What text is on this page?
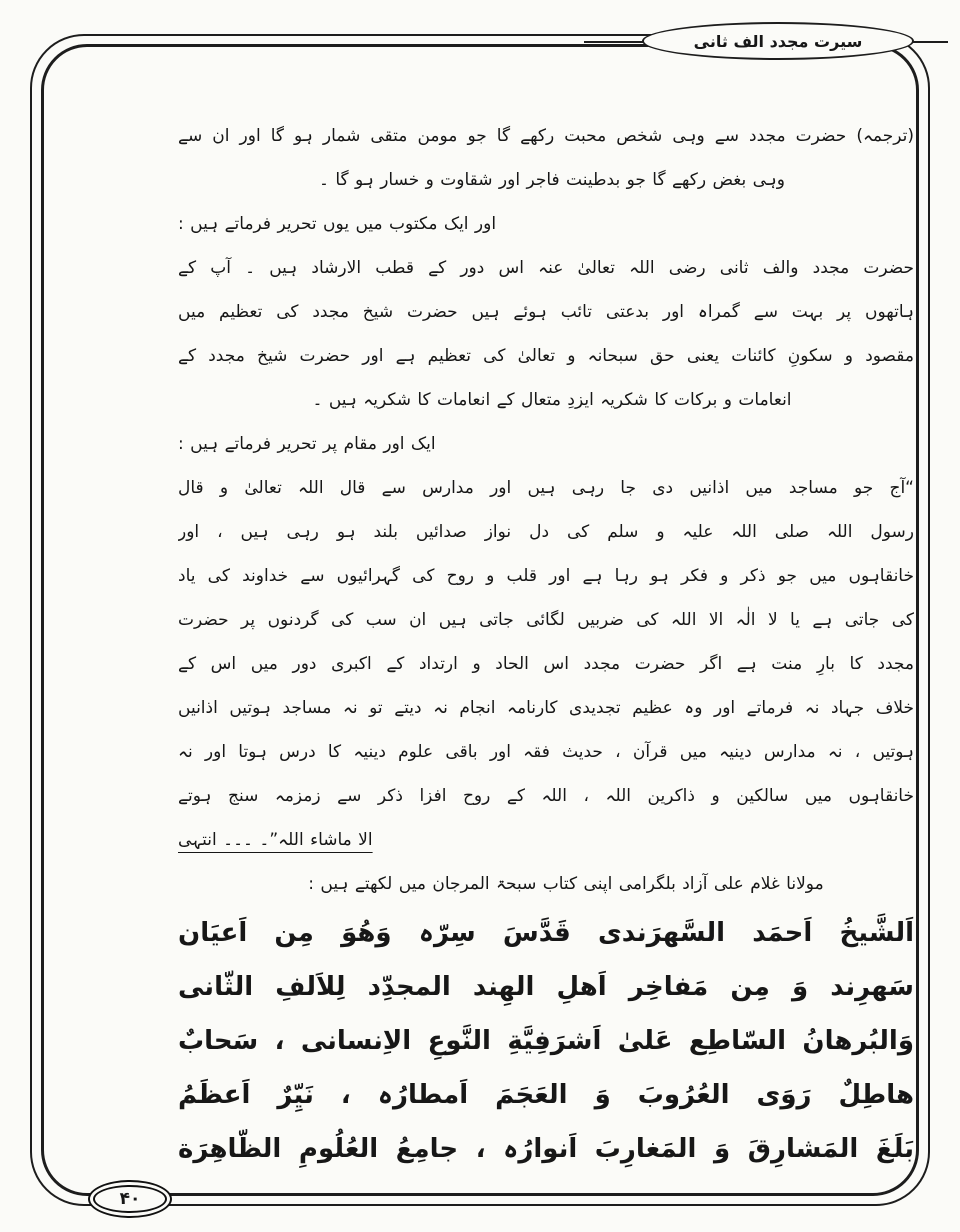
سیرت مجدد الف ثانی
(ترجمہ) حضرت مجدد سے وہی شخص محبت رکھے گا جو مومن متقی شمار ہو گا اور ان سے
وہی بغض رکھے گا جو بدطینت فاجر اور شقاوت و خسار ہو گا ۔
اور ایک مکتوب میں یوں تحریر فرماتے ہیں :
حضرت مجدد والف ثانی رضی اللہ تعالیٰ عنہ اس دور کے قطب الارشاد ہیں ۔ آپ کے
ہاتھوں پر بہت سے گمراہ اور بدعتی تائب ہوئے ہیں حضرت شیخ مجدد کی تعظیم میں
مقصود و سکونِ کائنات یعنی حق سبحانہ و تعالیٰ کی تعظیم ہے اور حضرت شیخ مجدد کے
انعامات و برکات کا شکریہ ایزدِ متعال کے انعامات کا شکریہ ہیں ۔
ایک اور مقام پر تحریر فرماتے ہیں :
“آج جو مساجد میں اذانیں دی جا رہی ہیں اور مدارس سے قال اللہ تعالیٰ و قال
رسول اللہ صلی اللہ علیہ و سلم کی دل نواز صدائیں بلند ہو رہی ہیں ، اور
خانقاہوں میں جو ذکر و فکر ہو رہا ہے اور قلب و روح کی گہرائیوں سے خداوند کی یاد
کی جاتی ہے یا لا الٰہ الا اللہ کی ضربیں لگائی جاتی ہیں ان سب کی گردنوں پر حضرت
مجدد کا بارِ منت ہے اگر حضرت مجدد اس الحاد و ارتداد کے اکبری دور میں اس کے
خلاف جہاد نہ فرماتے اور وہ عظیم تجدیدی کارنامہ انجام نہ دیتے تو نہ مساجد ہوتیں اذانیں
ہوتیں ، نہ مدارس دینیہ میں قرآن ، حدیث فقہ اور باقی علوم دینیہ کا درس ہوتا اور نہ
خانقاہوں میں سالکین و ذاکرین اللہ ، اللہ کے روح افزا ذکر سے زمزمہ سنج ہوتے
الا ماشاء اللہ”۔ ۔۔۔ انتہی
مولانا غلام علی آزاد بلگرامی اپنی کتاب سبحۃ المرجان میں لکھتے ہیں :
اَلشَّيخُ اَحمَد السَّهرَندی قَدَّسَ سِرّہ وَهُوَ مِن اَعيَان
سَهرِند وَ مِن مَفاخِر اَهلِ الهِند المجدِّد لِلاَلفِ الثّانی
وَالبُرهانُ السّاطِع عَلیٰ اَشرَفِيَّةِ النَّوعِ الاِنسانی ، سَحابٌ
هاطِلٌ رَوَی العُرُوبَ وَ العَجَمَ اَمطارُہ ، نَيِّرٌ اَعظَمُ
بَلَغَ المَشارِقَ وَ المَغارِبَ اَنوارُہ ، جامِعُ العُلُومِ الظّاهِرَة
۴۰
